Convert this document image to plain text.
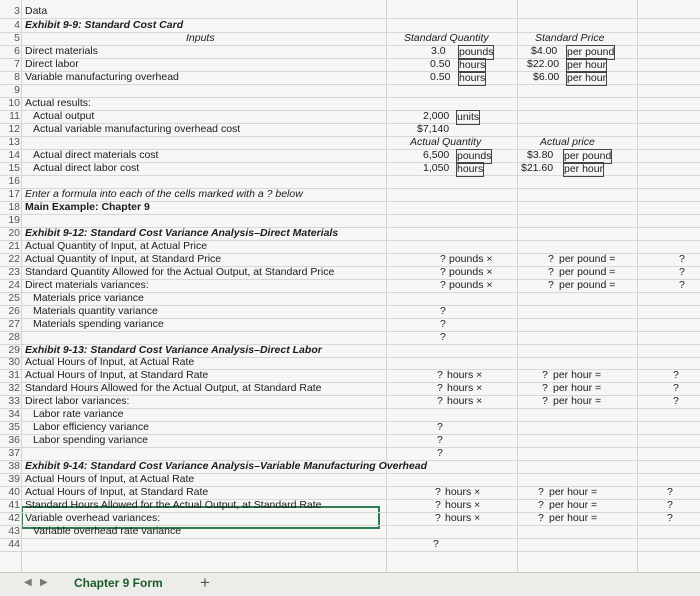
3 Data
4 Exhibit 9-9: Standard Cost Card
5	Inputs	Standard Quantity	Standard Price
6 Direct materials	3.0 pounds	$4.00 per pound
7 Direct labor	0.50 hours	$22.00 per hour
8 Variable manufacturing overhead	0.50 hours	$6.00 per hour
9
10 Actual results:
11 Actual output	2,000 units
12 Actual variable manufacturing overhead cost	$7,140
13	Actual Quantity	Actual price
14 Actual direct materials cost	6,500 pounds	$3.80 per pound
15 Actual direct labor cost	1,050 hours	$21.60 per hour
16
17 Enter a formula into each of the cells marked with a ? below
18 Main Example: Chapter 9
19
20 Exhibit 9-12: Standard Cost Variance Analysis–Direct Materials
21 Actual Quantity of Input, at Actual Price
22 Actual Quantity of Input, at Standard Price	? pounds ×	? per pound =	?
23 Standard Quantity Allowed for the Actual Output, at Standard Price	? pounds ×	? per pound =	?
24 Direct materials variances:	? pounds ×	? per pound =	?
25 Materials price variance
26 Materials quantity variance	?
27 Materials spending variance	?
28	?
29 Exhibit 9-13: Standard Cost Variance Analysis–Direct Labor
30 Actual Hours of Input, at Actual Rate
31 Actual Hours of Input, at Standard Rate	? hours ×	? per hour =	?
32 Standard Hours Allowed for the Actual Output, at Standard Rate	? hours ×	? per hour =	?
33 Direct labor variances:	? hours ×	? per hour =	?
34 Labor rate variance
35 Labor efficiency variance	?
36 Labor spending variance	?
37	?
38 Exhibit 9-14: Standard Cost Variance Analysis–Variable Manufacturing Overhead
39 Actual Hours of Input, at Actual Rate
40 Actual Hours of Input, at Standard Rate	? hours ×	? per hour =	?
41 Standard Hours Allowed for the Actual Output, at Standard Rate	? hours ×	? per hour =	?
42 Variable overhead variances:	? hours ×	? per hour =	?
43 Variable overhead rate variance
44	?
◀ ▶ Chapter 9 Form +
